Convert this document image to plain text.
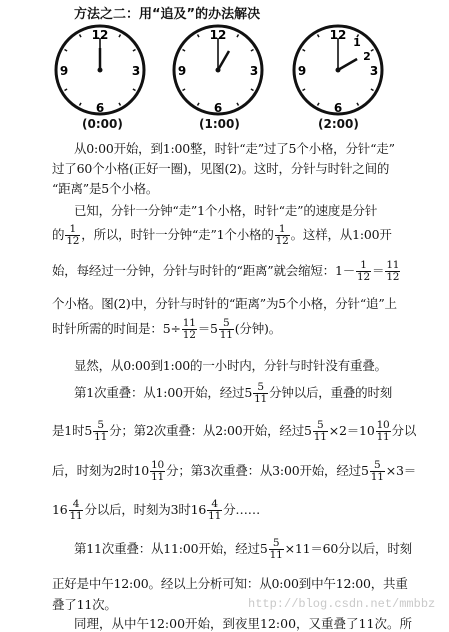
方法之二：用“追及”的办法解决
12
3
6
9
12
3
6
9
12
1
2
3
6
9
(0:00)	(1:00)	(2:00)
从0:00开始，到1:00整，时针“走”过了5个小格，分针“走”
过了60个小格(正好一圈)，见图(2)。这时，分针与时针之间的
“距离”是5个小格。
已知，分针一分钟“走”1个小格，时针“走”的速度是分针
的 $\frac{1}{12}$ ，所以，时针一分钟“走”1个小格的 $\frac{1}{12}$ 。这样，从1:00开
始，每经过一分钟，分针与时针的“距离”就会缩短：$1- \frac{1}{12} = \frac{11}{12}$
个小格。图(2)中，分针与时针的“距离”为5个小格，分针“追”上
时针所需的时间是：$5\div \frac{11}{12} =5 \frac{5}{11}$ (分钟)。
显然，从0:00到1:00的一小时内，分针与时针没有重叠。
第1次重叠：从1:00开始，经过$5 \frac{5}{11}$ 分钟以后，重叠的时刻
是1时$5 \frac{5}{11}$ 分；第2次重叠：从2:00开始，经过$5 \frac{5}{11} \times 2=10 \frac{10}{11}$ 分以
后，时刻为2时$10 \frac{10}{11}$ 分；第3次重叠：从3:00开始，经过$5 \frac{5}{11} \times 3=$
$16 \frac{4}{11}$ 分以后，时刻为3时$16 \frac{4}{11}$ 分……
第11次重叠：从11:00开始，经过$5 \frac{5}{11} \times 11=60$分以后，时刻
正好是中午12:00。经以上分析可知：从0:00到中午12:00，共重
叠了11次。	http://blog.csdn.net/mmbbz
同理，从中午12:00开始，到夜里12:00，又重叠了11次。所
